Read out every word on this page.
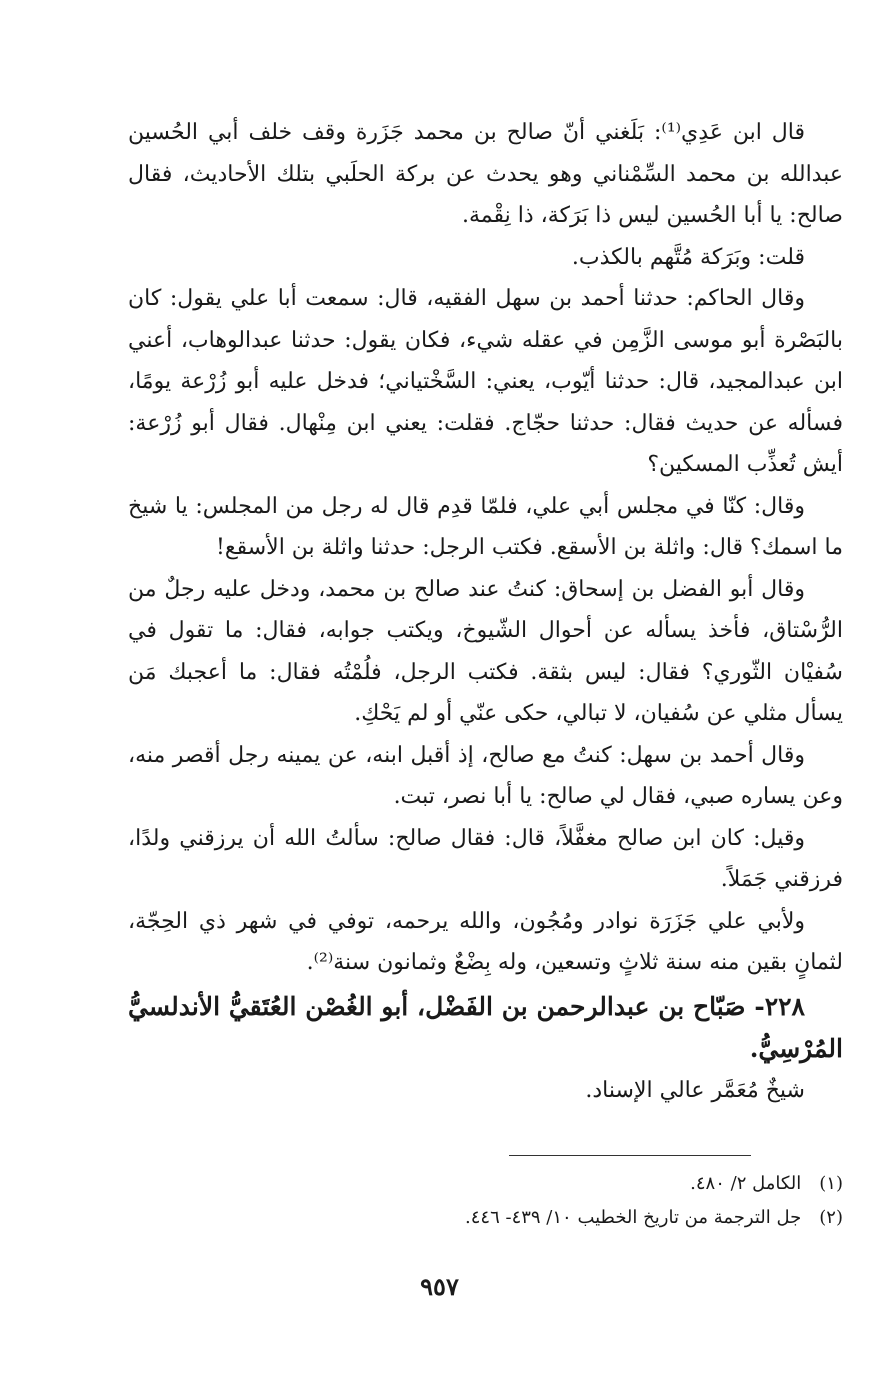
قال ابن عَدِي⁽¹⁾: بَلَغني أنّ صالح بن محمد جَزَرة وقف خلف أبي الحُسين عبدالله بن محمد السِّمْناني وهو يحدث عن بركة الحلَبي بتلك الأحاديث، فقال صالح: يا أبا الحُسين ليس ذا بَرَكة، ذا نِقْمة.

قلت: وبَرَكة مُتَّهم بالكذب.

وقال الحاكم: حدثنا أحمد بن سهل الفقيه، قال: سمعت أبا علي يقول: كان بالبَصْرة أبو موسى الزَّمِن في عقله شيء، فكان يقول: حدثنا عبدالوهاب، أعني ابن عبدالمجيد، قال: حدثنا أيّوب، يعني: السَّخْتياني؛ فدخل عليه أبو زُرْعة يومًا، فسأله عن حديث فقال: حدثنا حجّاج. فقلت: يعني ابن مِنْهال. فقال أبو زُرْعة: أيش تُعذِّب المسكين؟

وقال: كنّا في مجلس أبي علي، فلمّا قدِم قال له رجل من المجلس: يا شيخ ما اسمك؟ قال: واثلة بن الأسقع. فكتب الرجل: حدثنا واثلة بن الأسقع!

وقال أبو الفضل بن إسحاق: كنتُ عند صالح بن محمد، ودخل عليه رجلٌ من الرُّسْتاق، فأخذ يسأله عن أحوال الشّيوخ، ويكتب جوابه، فقال: ما تقول في سُفيْان الثّوري؟ فقال: ليس بثقة. فكتب الرجل، فلُمْتُه فقال: ما أعجبك مَن يسأل مثلي عن سُفيان، لا تبالي، حكى عنّي أو لم يَحْكِ.

وقال أحمد بن سهل: كنتُ مع صالح، إذ أقبل ابنه، عن يمينه رجل أقصر منه، وعن يساره صبي، فقال لي صالح: يا أبا نصر، تبت.

وقيل: كان ابن صالح مغفَّلاً، قال: فقال صالح: سألتُ الله أن يرزقني ولدًا، فرزقني جَمَلاً.

ولأبي علي جَزَرَة نوادر ومُجُون، والله يرحمه، توفي في شهر ذي الحِجّة، لثمانٍ بقين منه سنة ثلاثٍ وتسعين، وله بِضْعٌ وثمانون سنة⁽²⁾.

٢٢٨- صَبّاح بن عبدالرحمن بن الفَضْل، أبو الغُصْن العُتَقيُّ الأندلسيُّ المُرْسِيُّ.

شيخٌ مُعَمَّر عالي الإسناد.

(١)الكامل ٢/ ٤٨٠.

(٢)جل الترجمة من تاريخ الخطيب ١٠/ ٤٣٩- ٤٤٦.

٩٥٧
